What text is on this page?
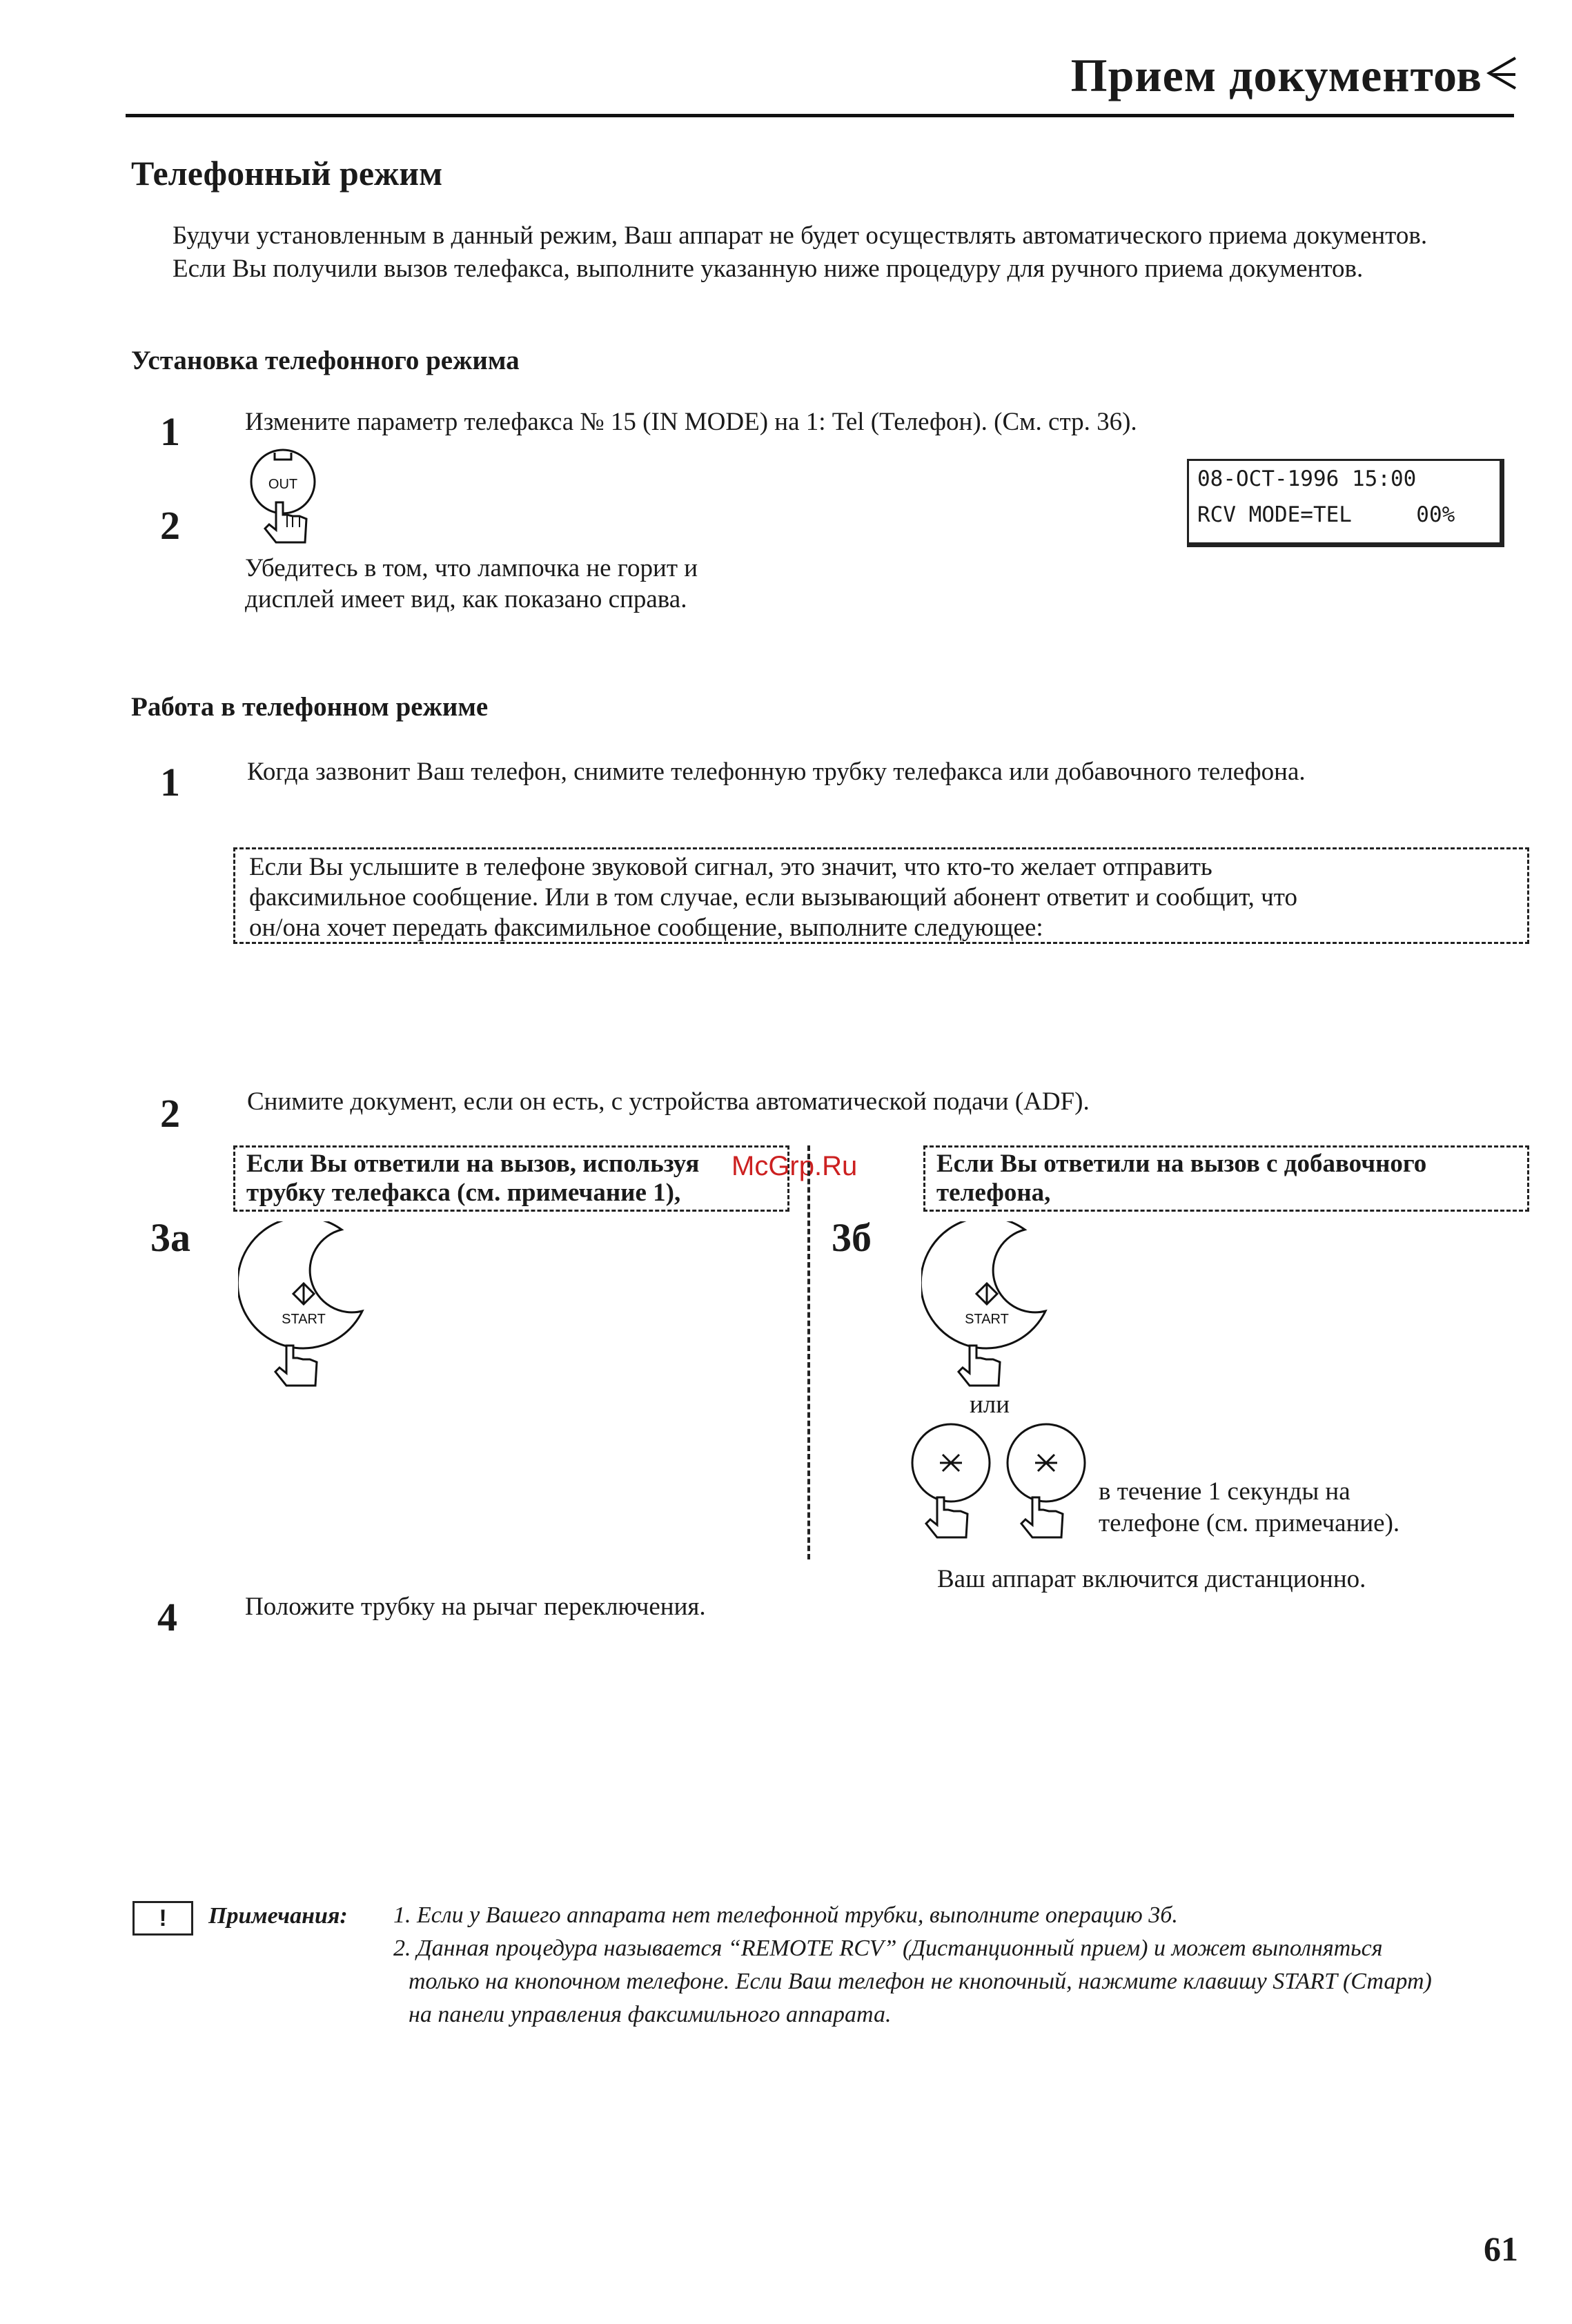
Прием документов
Телефонный режим
Будучи установленным в данный режим, Ваш аппарат не будет осуществлять автоматического приема документов. Если Вы получили вызов телефакса, выполните указанную ниже процедуру для ручного приема документов.
Установка телефонного режима
1	Измените параметр телефакса № 15 (IN MODE) на 1: Tel (Телефон). (См. стр. 36).
OUT
2
Убедитесь в том, что лампочка не горит и
дисплей имеет вид, как показано справа.
08-OCT-1996 15:00
RCV MODE=TEL     00%
Работа в телефонном режиме
1	Когда зазвонит Ваш телефон, снимите телефонную трубку телефакса или добавочного телефона.
Если Вы услышите в телефоне звуковой сигнал, это значит, что кто-то желает отправить
факсимильное сообщение. Или в том случае, если вызывающий абонент ответит и сообщит, что
он/она хочет передать факсимильное сообщение, выполните следующее:
2	Снимите документ, если он есть, с устройства автоматической подачи (ADF).
Если Вы ответили на вызов, используя
трубку телефакса (см. примечание 1),
McGrp.Ru
3a
START
3б
Если Вы ответили на вызов с добавочного
телефона,
START
или
в течение 1 секунды на
телефоне (см. примечание).
Ваш аппарат включится дистанционно.
4	Положите трубку на рычаг переключения.
!	Примечания: 1. Если у Вашего аппарата нет телефонной трубки, выполните операцию 3б.
2. Данная процедура называется “REMOTE RCV” (Дистанционный прием) и может выполняться
только на кнопочном телефоне. Если Ваш телефон не кнопочный, нажмите клавишу START (Старт)
на панели управления факсимильного аппарата.
61
